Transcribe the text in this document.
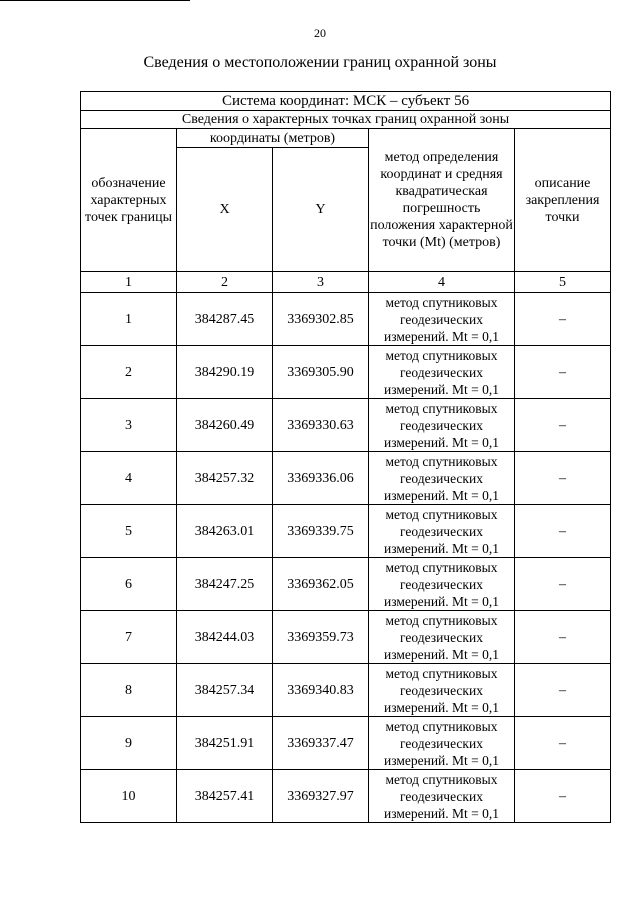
20
Сведения о местоположении границ охранной зоны
Система координат: МСК – субъект 56				
Сведения о характерных точках границ охранной зоны				
обозначение характерных точек границы	координаты (метров)		метод определения координат и средняя квадратическая погрешность положения характерной точки (Mt) (метров)	описание закрепления точки
	X	Y		
1	2	3	4	5
1	384287.45	3369302.85	метод спутниковых геодезических измерений. Mt = 0,1	–
2	384290.19	3369305.90	метод спутниковых геодезических измерений. Mt = 0,1	–
3	384260.49	3369330.63	метод спутниковых геодезических измерений. Mt = 0,1	–
4	384257.32	3369336.06	метод спутниковых геодезических измерений. Mt = 0,1	–
5	384263.01	3369339.75	метод спутниковых геодезических измерений. Mt = 0,1	–
6	384247.25	3369362.05	метод спутниковых геодезических измерений. Mt = 0,1	–
7	384244.03	3369359.73	метод спутниковых геодезических измерений. Mt = 0,1	–
8	384257.34	3369340.83	метод спутниковых геодезических измерений. Mt = 0,1	–
9	384251.91	3369337.47	метод спутниковых геодезических измерений. Mt = 0,1	–
10	384257.41	3369327.97	метод спутниковых геодезических измерений. Mt = 0,1	–
